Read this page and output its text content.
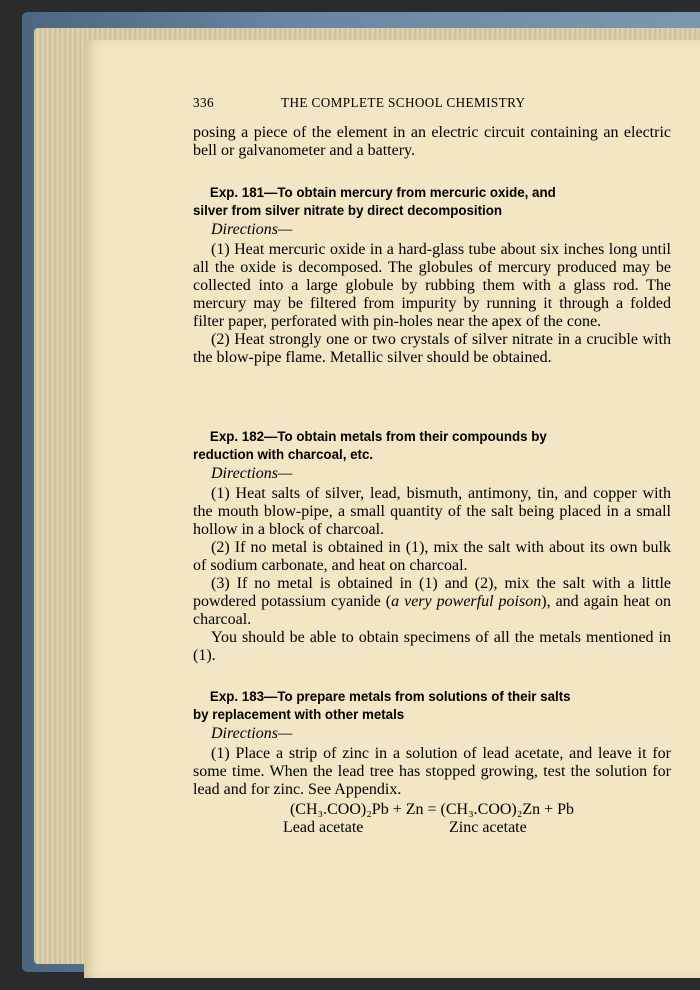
336	THE COMPLETE SCHOOL CHEMISTRY

posing a piece of the element in an electric circuit containing an electric bell or galvanometer and a battery.

Exp. 181—To obtain mercury from mercuric oxide, and
silver from silver nitrate by direct decomposition

Directions—

(1) Heat mercuric oxide in a hard-glass tube about six inches long until all the oxide is decomposed. The globules of mercury produced may be collected into a large globule by rubbing them with a glass rod. The mercury may be filtered from impurity by running it through a folded filter paper, perforated with pin-holes near the apex of the cone.

(2) Heat strongly one or two crystals of silver nitrate in a crucible with the blow-pipe flame. Metallic silver should be obtained.

Exp. 182—To obtain metals from their compounds by
reduction with charcoal, etc.

Directions—

(1) Heat salts of silver, lead, bismuth, antimony, tin, and copper with the mouth blow-pipe, a small quantity of the salt being placed in a small hollow in a block of charcoal.

(2) If no metal is obtained in (1), mix the salt with about its own bulk of sodium carbonate, and heat on charcoal.

(3) If no metal is obtained in (1) and (2), mix the salt with a little powdered potassium cyanide (a very powerful poison), and again heat on charcoal.

You should be able to obtain specimens of all the metals mentioned in (1).

Exp. 183—To prepare metals from solutions of their salts
by replacement with other metals

Directions—

(1) Place a strip of zinc in a solution of lead acetate, and leave it for some time. When the lead tree has stopped growing, test the solution for lead and for zinc. See Appendix.

(CH₃.COO)₂Pb + Zn = (CH₃.COO)₂Zn + Pb
Lead acetate	Zinc acetate
